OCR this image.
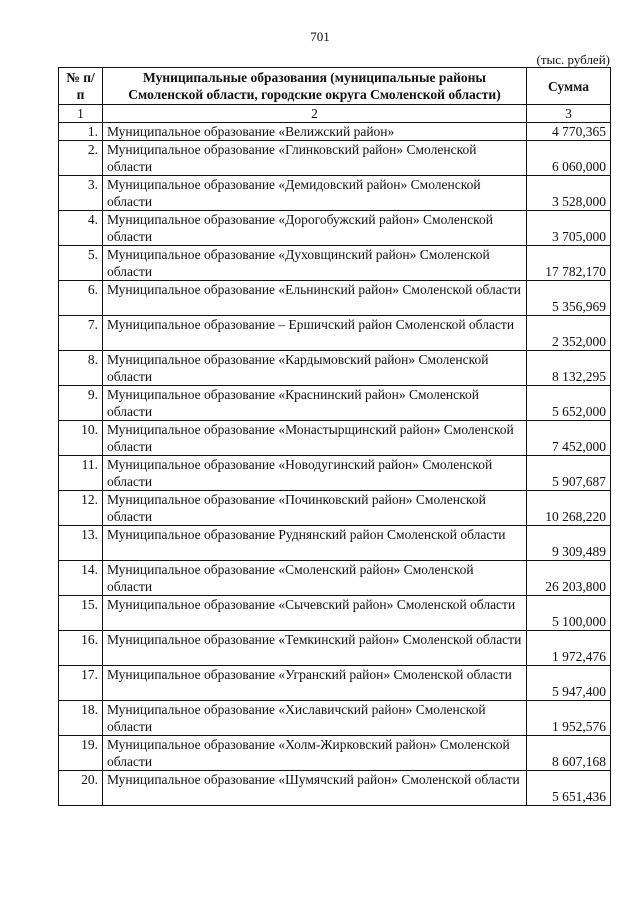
701
(тыс. рублей)
№ п/п	Муниципальные образования (муниципальные районы Смоленской области, городские округа Смоленской области)	Сумма
1	2	3
1.	Муниципальное образование «Велижский район»	4 770,365
2.	Муниципальное образование «Глинковский район» Смоленской области	6 060,000
3.	Муниципальное образование «Демидовский район» Смоленской области	3 528,000
4.	Муниципальное образование «Дорогобужский район» Смоленской области	3 705,000
5.	Муниципальное образование «Духовщинский район» Смоленской области	17 782,170
6.	Муниципальное образование «Ельнинский район» Смоленской области	5 356,969
7.	Муниципальное образование – Ершичский район Смоленской области	2 352,000
8.	Муниципальное образование «Кардымовский район» Смоленской области	8 132,295
9.	Муниципальное образование «Краснинский район» Смоленской области	5 652,000
10.	Муниципальное образование «Монастырщинский район» Смоленской области	7 452,000
11.	Муниципальное образование «Новодугинский район» Смоленской области	5 907,687
12.	Муниципальное образование «Починковский район» Смоленской области	10 268,220
13.	Муниципальное образование Руднянский район Смоленской области	9 309,489
14.	Муниципальное образование «Смоленский район» Смоленской области	26 203,800
15.	Муниципальное образование «Сычевский район» Смоленской области	5 100,000
16.	Муниципальное образование «Темкинский район» Смоленской области	1 972,476
17.	Муниципальное образование «Угранский район» Смоленской области	5 947,400
18.	Муниципальное образование «Хиславичский район» Смоленской области	1 952,576
19.	Муниципальное образование «Холм-Жирковский район» Смоленской области	8 607,168
20.	Муниципальное образование «Шумячский район» Смоленской области	5 651,436
